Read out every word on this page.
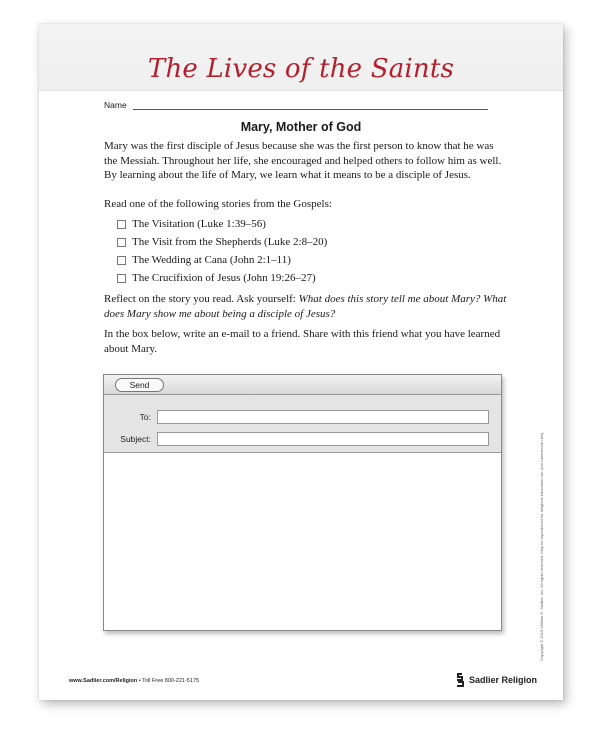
The Lives of the Saints
Name
Mary, Mother of God
Mary was the first disciple of Jesus because she was the first person to know that he was the Messiah. Throughout her life, she encouraged and helped others to follow him as well. By learning about the life of Mary, we learn what it means to be a disciple of Jesus.
Read one of the following stories from the Gospels:
The Visitation (Luke 1:39–56)
The Visit from the Shepherds (Luke 2:8–20)
The Wedding at Cana (John 2:1–11)
The Crucifixion of Jesus (John 19:26–27)
Reflect on the story you read. Ask yourself: What does this story tell me about Mary? What does Mary show me about being a disciple of Jesus?
In the box below, write an e-mail to a friend. Share with this friend what you have learned about Mary.
Send
To:
Subject:	Copyright © 2015 William H. Sadlier, Inc. All rights reserved. May be reproduced for religious education use (not commercial use).
www.Sadlier.com/Religion • Toll Free 800-221-5175	Sadlier Religion
